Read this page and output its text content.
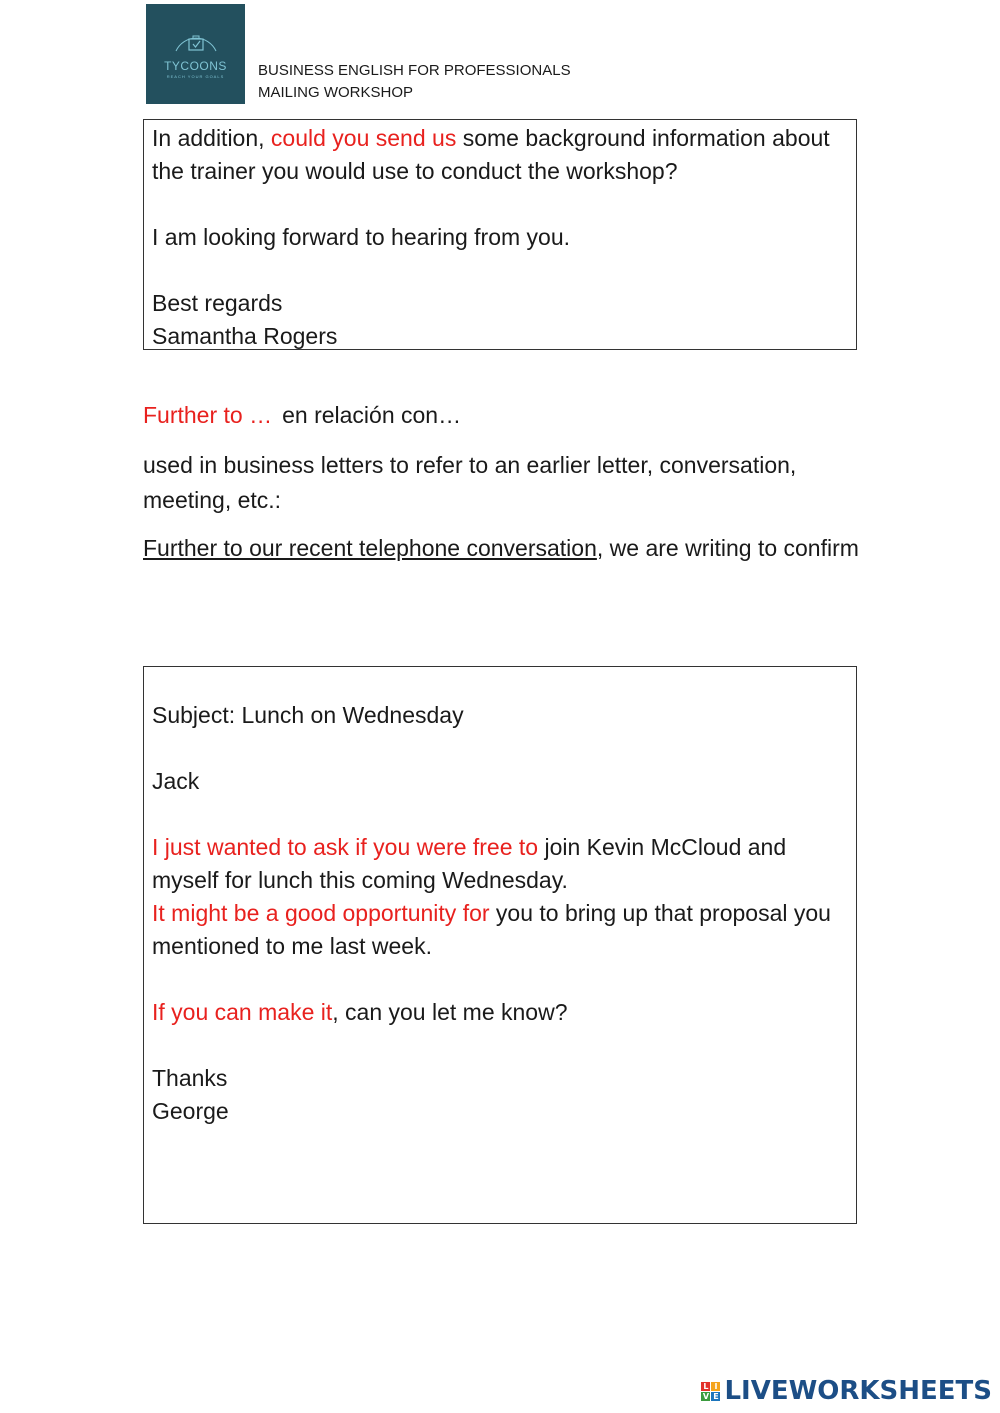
TYCOONS
REACH YOUR GOALS BUSINESS ENGLISH FOR PROFESSIONALS
MAILING WORKSHOP
In addition, could you send us some background information about the trainer you would use to conduct the workshop?
I am looking forward to hearing from you.
Best regards
Samantha Rogers
Further to … en relación con…
used in business letters to refer to an earlier letter, conversation, meeting, etc.:
Further to our recent telephone conversation, we are writing to confirm
Subject: Lunch on Wednesday
Jack
I just wanted to ask if you were free to join Kevin McCloud and myself for lunch this coming Wednesday.
It might be a good opportunity for you to bring up that proposal you mentioned to me last week.
If you can make it, can you let me know?
Thanks
George
L I
V E LIVEWORKSHEETS
